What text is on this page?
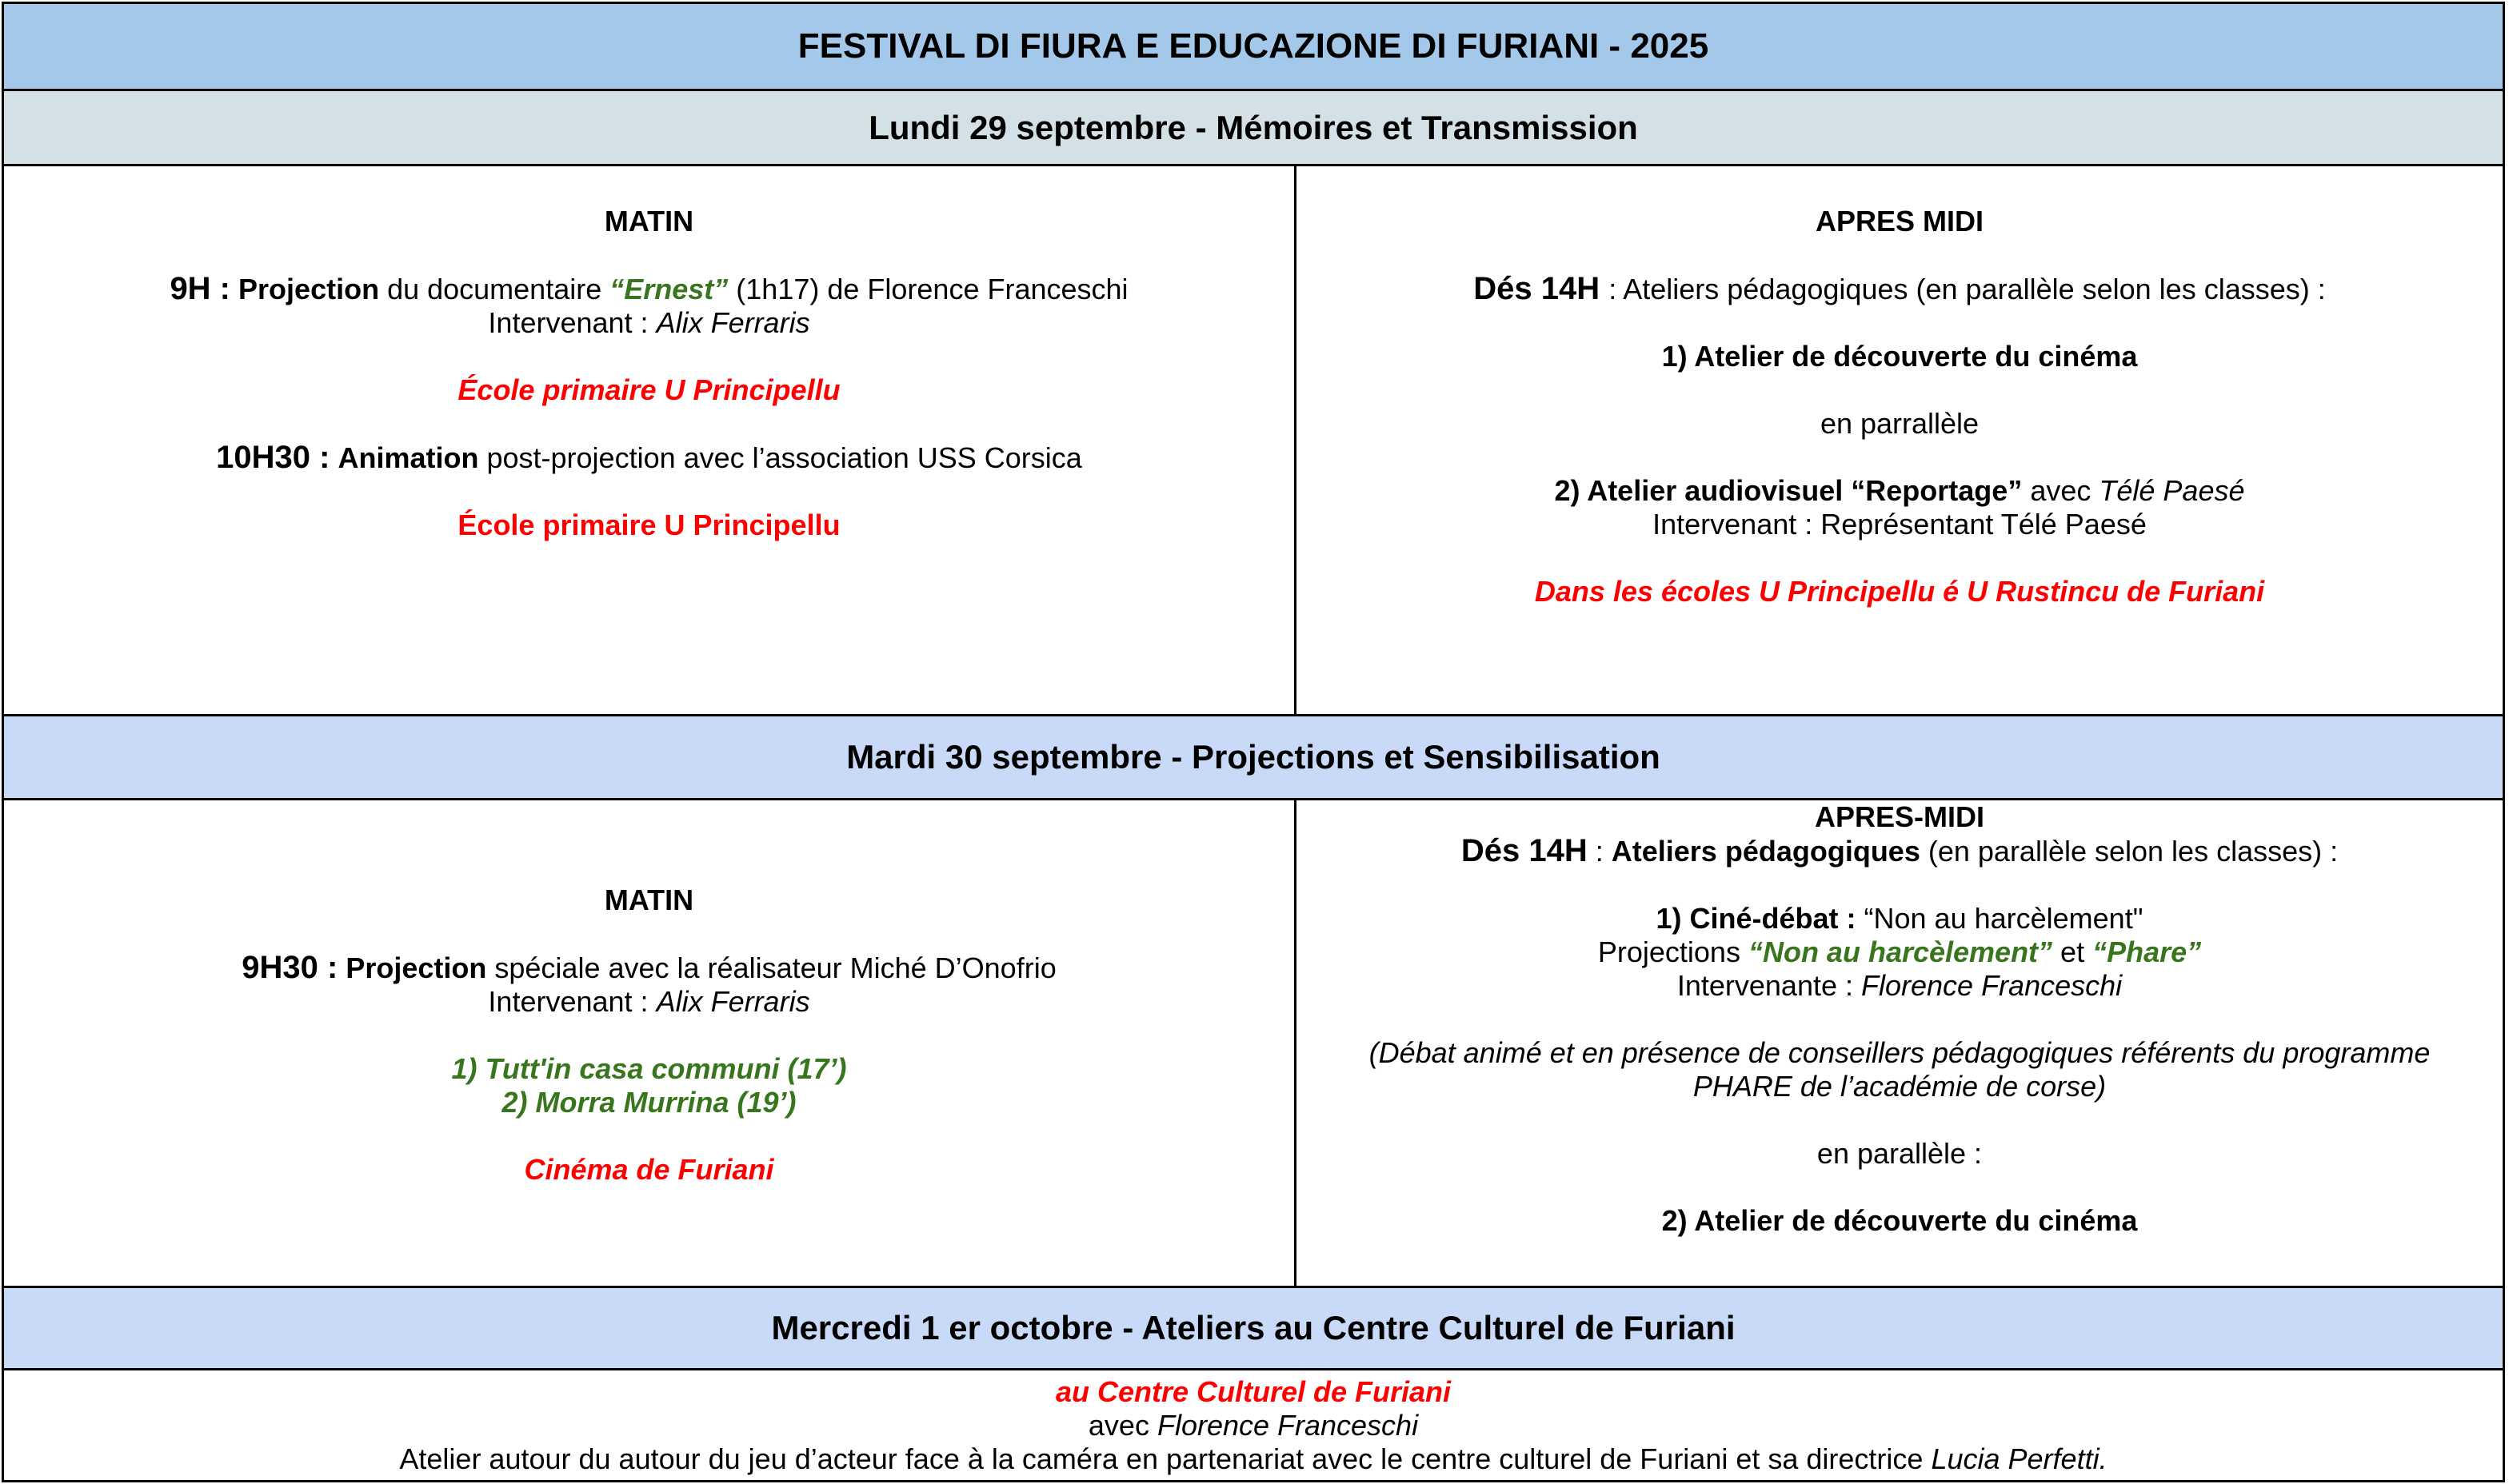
FESTIVAL DI FIURA E EDUCAZIONE DI FURIANI - 2025
Lundi 29 septembre - Mémoires et Transmission
MATIN
9H : Projection du documentaire “Ernest” (1h17) de Florence Franceschi
Intervenant : Alix Ferraris
École primaire U Principellu
10H30 : Animation post-projection avec l’association USS Corsica
École primaire U Principellu
APRES MIDI
Dés 14H : Ateliers pédagogiques (en parallèle selon les classes) :
1) Atelier de découverte du cinéma
en parrallèle
2) Atelier audiovisuel “Reportage” avec Télé Paesé
Intervenant : Représentant Télé Paesé
Dans les écoles U Principellu é U Rustincu de Furiani
Mardi 30 septembre - Projections et Sensibilisation
MATIN
9H30 : Projection spéciale avec la réalisateur Miché D’Onofrio
Intervenant : Alix Ferraris
1) Tutt'in casa communi (17’)
2) Morra Murrina (19’)
Cinéma de Furiani
APRES-MIDI
Dés 14H : Ateliers pédagogiques (en parallèle selon les classes) :
1) Ciné-débat : “Non au harcèlement"
Projections “Non au harcèlement” et “Phare”
Intervenante : Florence Franceschi
(Débat animé et en présence de conseillers pédagogiques référents du programme
PHARE de l’académie de corse)
en parallèle :
2) Atelier de découverte du cinéma
Mercredi 1 er octobre - Ateliers au Centre Culturel de Furiani
au Centre Culturel de Furiani
avec Florence Franceschi
Atelier autour du autour du jeu d’acteur face à la caméra en partenariat avec le centre culturel de Furiani et sa directrice Lucia Perfetti.
